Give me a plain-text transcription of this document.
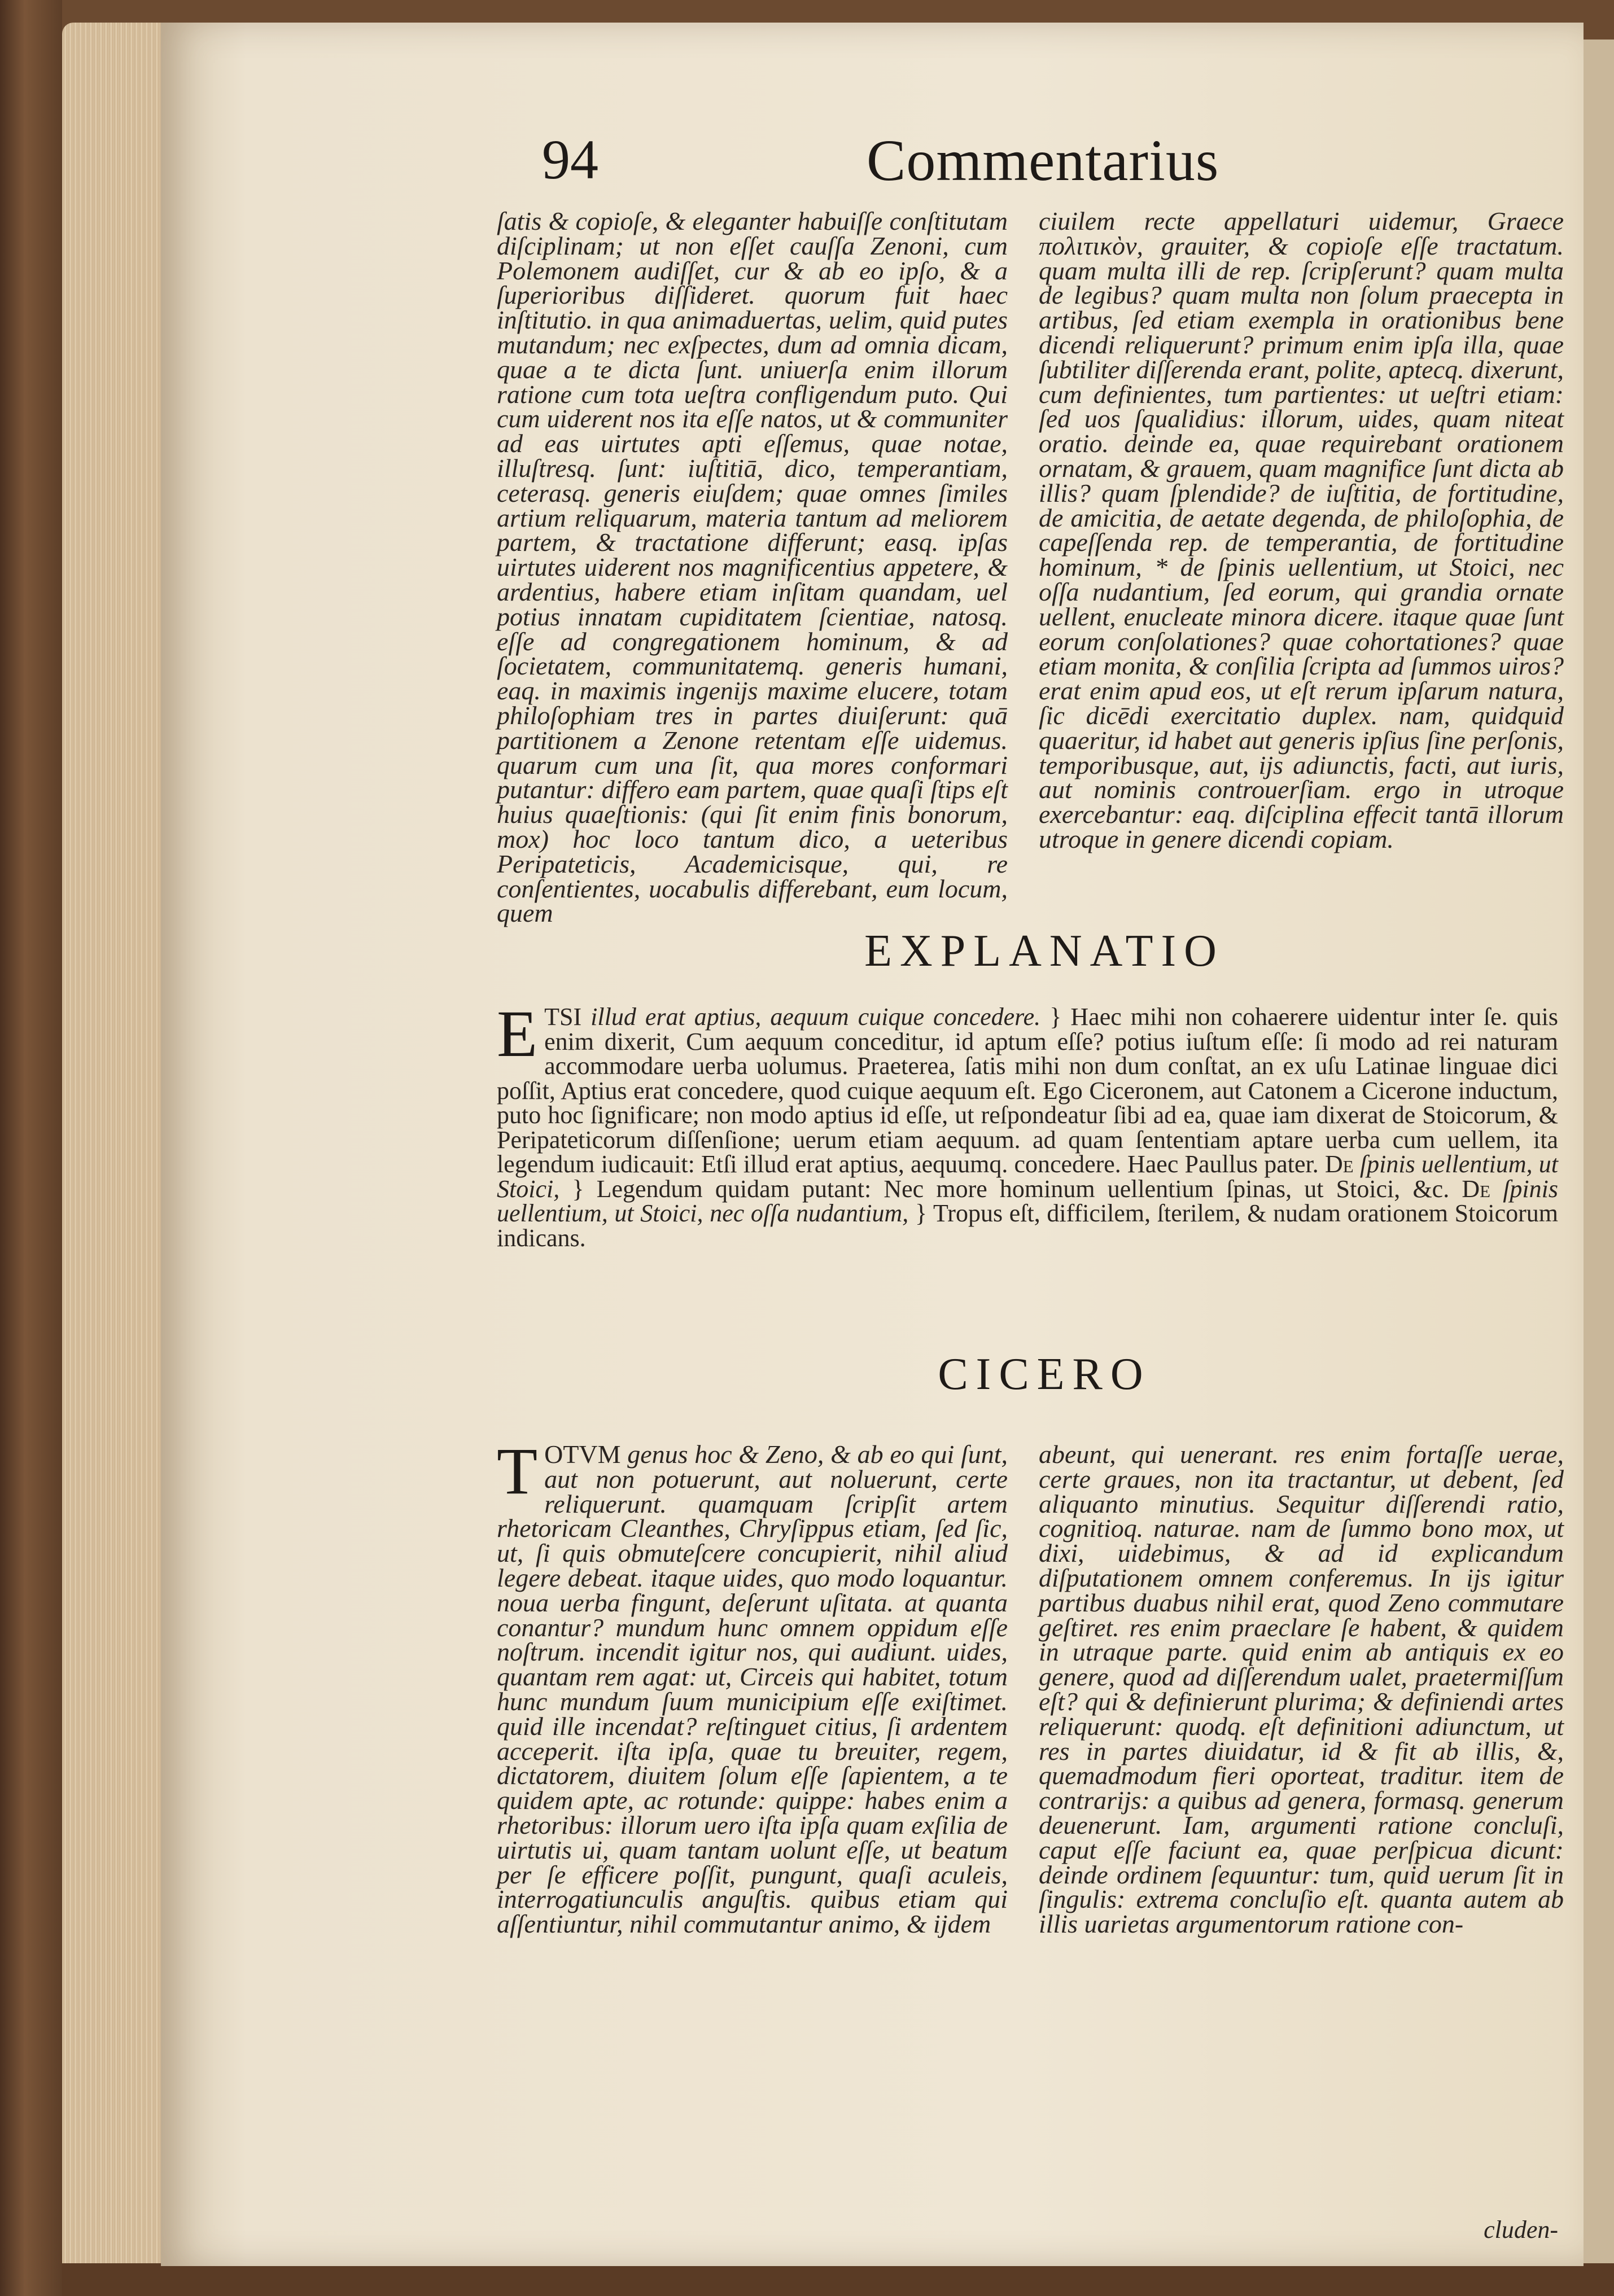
94	Commentarius
ſatis & copioſe, & eleganter habuiſſe conſtitutam diſciplinam; ut non eſſet cauſſa Zenoni, cum Polemonem audiſſet, cur & ab eo ipſo, & a ſuperioribus diſſideret. quorum fuit haec inſtitutio. in qua animaduertas, uelim, quid putes mutandum; nec exſpectes, dum ad omnia dicam, quae a te dicta ſunt. uniuerſa enim illorum ratione cum tota ueſtra confligendum puto. Qui cum uiderent nos ita eſſe natos, ut & communiter ad eas uirtutes apti eſſemus, quae notae, illuſtresq. ſunt: iuſtitiā, dico, temperantiam, ceterasq. generis eiuſdem; quae omnes ſimiles artium reliquarum, materia tantum ad meliorem partem, & tractatione differunt; easq. ipſas uirtutes uiderent nos magnificentius appetere, & ardentius, habere etiam inſitam quandam, uel potius innatam cupiditatem ſcientiae, natosq. eſſe ad congregationem hominum, & ad ſocietatem, communitatemq. generis humani, eaq. in maximis ingenijs maxime elucere, totam philoſophiam tres in partes diuiſerunt: quā partitionem a Zenone retentam eſſe uidemus. quarum cum una ſit, qua mores conformari putantur: differo eam partem, quae quaſi ſtips eſt huius quaeſtionis: (qui ſit enim finis bonorum, mox) hoc loco tantum dico, a ueteribus Peripateticis, Academicisque, qui, re conſentientes, uocabulis differebant, eum locum, quem
ciuilem recte appellaturi uidemur, Graece πολιτικὸν, grauiter, & copioſe eſſe tractatum. quam multa illi de rep. ſcripſerunt? quam multa de legibus? quam multa non ſolum praecepta in artibus, ſed etiam exempla in orationibus bene dicendi reliquerunt? primum enim ipſa illa, quae ſubtiliter diſſerenda erant, polite, aptecq. dixerunt, cum definientes, tum partientes: ut ueſtri etiam: ſed uos ſqualidius: illorum, uides, quam niteat oratio. deinde ea, quae requirebant orationem ornatam, & grauem, quam magnifice ſunt dicta ab illis? quam ſplendide? de iuſtitia, de fortitudine, de amicitia, de aetate degenda, de philoſophia, de capeſſenda rep. de temperantia, de fortitudine hominum, * de ſpinis uellentium, ut Stoici, nec oſſa nudantium, ſed eorum, qui grandia ornate uellent, enucleate minora dicere. itaque quae ſunt eorum conſolationes? quae cohortationes? quae etiam monita, & conſilia ſcripta ad ſummos uiros? erat enim apud eos, ut eſt rerum ipſarum natura, ſic dicēdi exercitatio duplex. nam, quidquid quaeritur, id habet aut generis ipſius ſine perſonis, temporibusque, aut, ijs adiunctis, facti, aut iuris, aut nominis controuerſiam. ergo in utroque exercebantur: eaq. diſciplina effecit tantā illorum utroque in genere dicendi copiam.
EXPLANATIO
E TSI illud erat aptius, aequum cuique concedere. } Haec mihi non cohaerere uidentur inter ſe. quis enim dixerit, Cum aequum conceditur, id aptum eſſe? potius iuſtum eſſe: ſi modo ad rei naturam accommodare uerba uolumus. Praeterea, ſatis mihi non dum conſtat, an ex uſu Latinae linguae dici poſſit, Aptius erat concedere, quod cuique aequum eſt. Ego Ciceronem, aut Catonem a Cicerone inductum, puto hoc ſignificare; non modo aptius id eſſe, ut reſpondeatur ſibi ad ea, quae iam dixerat de Stoicorum, & Peripateticorum diſſenſione; uerum etiam aequum. ad quam ſententiam aptare uerba cum uellem, ita legendum iudicauit: Etſi illud erat aptius, aequumq. concedere. Haec Paullus pater. De ſpinis uellentium, ut Stoici, } Legendum quidam putant: Nec more hominum uellentium ſpinas, ut Stoici, &c. De ſpinis uellentium, ut Stoici, nec oſſa nudantium, } Tropus eſt, difficilem, ſterilem, & nudam orationem Stoicorum indicans.
CICERO
T OTVM genus hoc & Zeno, & ab eo qui ſunt, aut non potuerunt, aut noluerunt, certe reliquerunt. quamquam ſcripſit artem rhetoricam Cleanthes, Chryſippus etiam, ſed ſic, ut, ſi quis obmuteſcere concupierit, nihil aliud legere debeat. itaque uides, quo modo loquantur. noua uerba fingunt, deſerunt uſitata. at quanta conantur? mundum hunc omnem oppidum eſſe noſtrum. incendit igitur nos, qui audiunt. uides, quantam rem agat: ut, Circeis qui habitet, totum hunc mundum ſuum municipium eſſe exiſtimet. quid ille incendat? reſtinguet citius, ſi ardentem acceperit. iſta ipſa, quae tu breuiter, regem, dictatorem, diuitem ſolum eſſe ſapientem, a te quidem apte, ac rotunde: quippe: habes enim a rhetoribus: illorum uero iſta ipſa quam exſilia de uirtutis ui, quam tantam uolunt eſſe, ut beatum per ſe efficere poſſit, pungunt, quaſi aculeis, interrogatiunculis anguſtis. quibus etiam qui aſſentiuntur, nihil commutantur animo, & ijdem
abeunt, qui uenerant. res enim fortaſſe uerae, certe graues, non ita tractantur, ut debent, ſed aliquanto minutius. Sequitur diſſerendi ratio, cognitioq. naturae. nam de ſummo bono mox, ut dixi, uidebimus, & ad id explicandum diſputationem omnem conferemus. In ijs igitur partibus duabus nihil erat, quod Zeno commutare geſtiret. res enim praeclare ſe habent, & quidem in utraque parte. quid enim ab antiquis ex eo genere, quod ad diſſerendum ualet, praetermiſſum eſt? qui & definierunt plurima; & definiendi artes reliquerunt: quodq. eſt definitioni adiunctum, ut res in partes diuidatur, id & fit ab illis, &, quemadmodum fieri oporteat, traditur. item de contrarijs: a quibus ad genera, formasq. generum deuenerunt. Iam, argumenti ratione concluſi, caput eſſe faciunt ea, quae perſpicua dicunt: deinde ordinem ſequuntur: tum, quid uerum ſit in ſingulis: extrema concluſio eſt. quanta autem ab illis uarietas argumentorum ratione con-
cluden-
